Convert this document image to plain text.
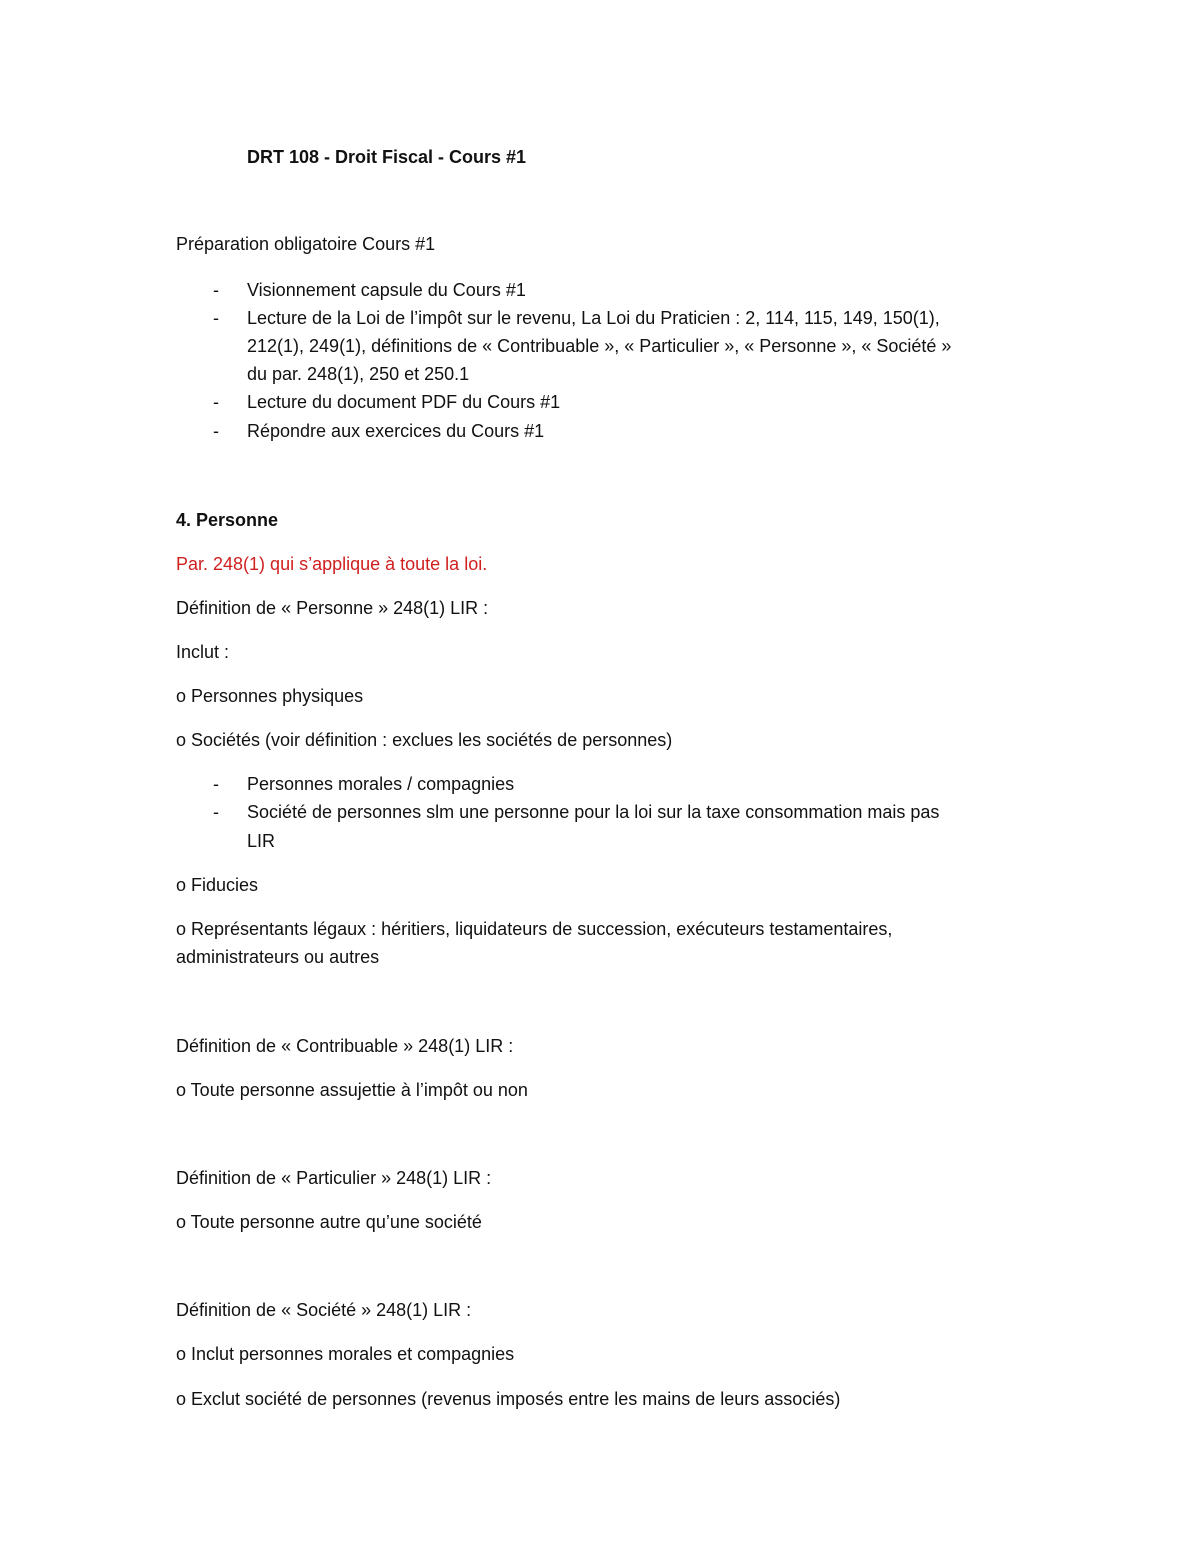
DRT 108 - Droit Fiscal - Cours #1
Préparation obligatoire Cours #1
- Visionnement capsule du Cours #1
- Lecture de la Loi de l’impôt sur le revenu, La Loi du Praticien : 2, 114, 115, 149, 150(1),
212(1), 249(1), définitions de « Contribuable », « Particulier », « Personne », « Société »
du par. 248(1), 250 et 250.1
- Lecture du document PDF du Cours #1
- Répondre aux exercices du Cours #1
4. Personne
Par. 248(1) qui s’applique à toute la loi.
Définition de « Personne » 248(1) LIR :
Inclut :
o Personnes physiques
o Sociétés (voir définition : exclues les sociétés de personnes)
- Personnes morales / compagnies
- Société de personnes slm une personne pour la loi sur la taxe consommation mais pas
LIR
o Fiducies
o Représentants légaux : héritiers, liquidateurs de succession, exécuteurs testamentaires,
administrateurs ou autres
Définition de « Contribuable » 248(1) LIR :
o Toute personne assujettie à l’impôt ou non
Définition de « Particulier » 248(1) LIR :
o Toute personne autre qu’une société
Définition de « Société » 248(1) LIR :
o Inclut personnes morales et compagnies
o Exclut société de personnes (revenus imposés entre les mains de leurs associés)
